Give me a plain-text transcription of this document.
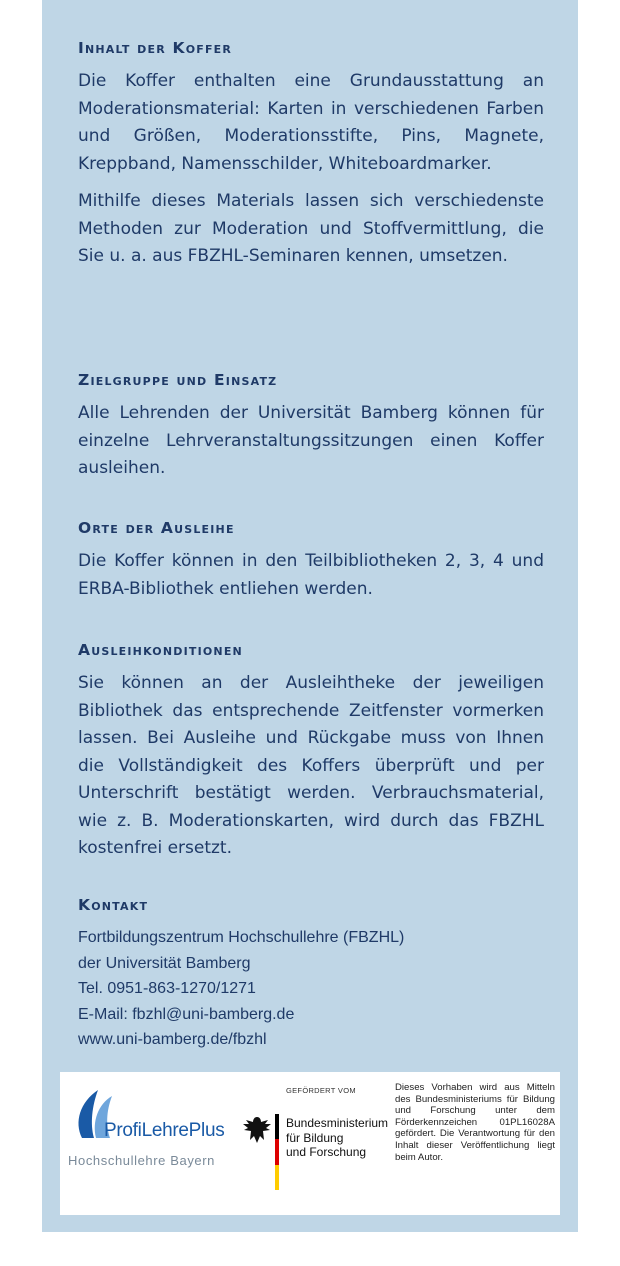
Inhalt der Koffer

Die Koffer enthalten eine Grundausstattung an Moderationsmaterial: Karten in verschiedenen Farben und Größen, Moderationsstifte, Pins, Magnete, Kreppband, Namensschilder, Whiteboardmarker.

Mithilfe dieses Materials lassen sich verschiedenste Methoden zur Moderation und Stoffvermittlung, die Sie u. a. aus FBZHL-Seminaren kennen, umsetzen.

Zielgruppe und Einsatz

Alle Lehrenden der Universität Bamberg können für einzelne Lehrveranstaltungssitzungen einen Koffer ausleihen.

Orte der Ausleihe

Die Koffer können in den Teilbibliotheken 2, 3, 4 und ERBA-Bibliothek entliehen werden.

Ausleihkonditionen

Sie können an der Ausleihtheke der jeweiligen Bibliothek das entsprechende Zeitfenster vormerken lassen. Bei Ausleihe und Rückgabe muss von Ihnen die Vollständigkeit des Koffers überprüft und per Unterschrift bestätigt werden. Verbrauchsmaterial, wie z. B. Moderationskarten, wird durch das FBZHL kostenfrei ersetzt.

Kontakt

Fortbildungszentrum Hochschullehre (FBZHL)

der Universität Bamberg

Tel. 0951-863-1270/1271

E-Mail: fbzhl@uni-bamberg.de

www.uni-bamberg.de/fbzhl

ProfiLehrePlus
Hochschullehre Bayern
GEFÖRDERT VOM
Bundesministerium
für Bildung
und Forschung
Dieses Vorhaben wird aus Mitteln des Bundesministeriums für Bildung und Forschung unter dem Förderkennzeichen 01PL16028A gefördert. Die Verantwortung für den Inhalt dieser Veröffentlichung liegt beim Autor.
